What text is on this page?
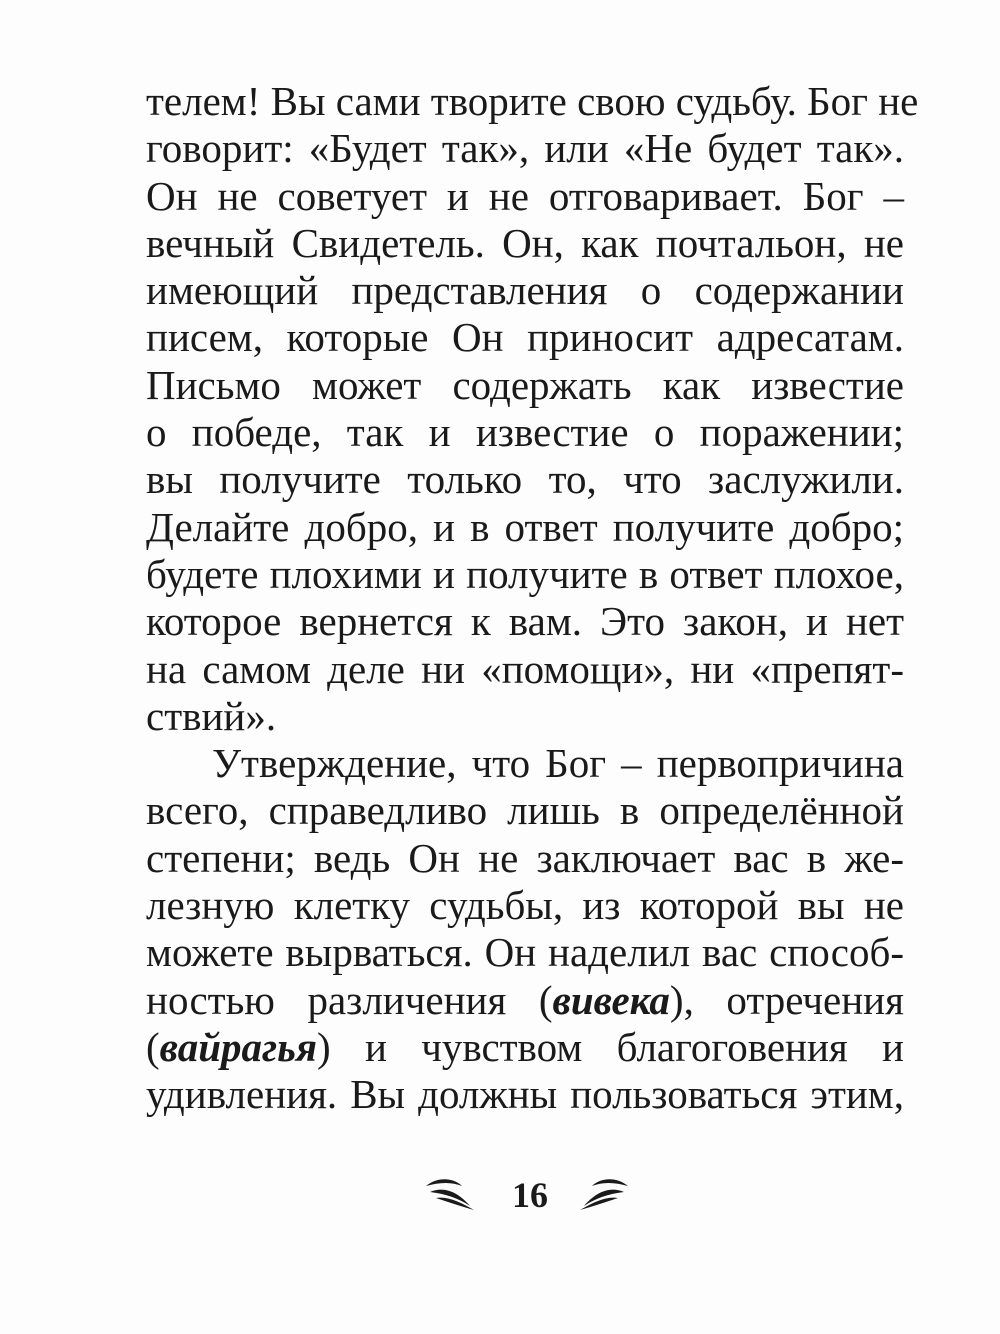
телем! Вы сами творите свою судьбу. Бог не
говорит: «Будет так», или «Не будет так».
Он не советует и не отговаривает. Бог –
вечный Свидетель. Он, как почтальон, не
имеющий представления о содержании
писем, которые Он приносит адресатам.
Письмо может содержать как известие
о победе, так и известие о поражении;
вы получите только то, что заслужили.
Делайте добро, и в ответ получите добро;
будете плохими и получите в ответ плохое,
которое вернется к вам. Это закон, и нет
на самом деле ни «помощи», ни «препят-
ствий».
Утверждение, что Бог – первопричина
всего, справедливо лишь в определённой
степени; ведь Он не заключает вас в же-
лезную клетку судьбы, из которой вы не
можете вырваться. Он наделил вас способ-
ностью различения (вивека), отречения
(вайрагья) и чувством благоговения и
удивления. Вы должны пользоваться этим,
16
